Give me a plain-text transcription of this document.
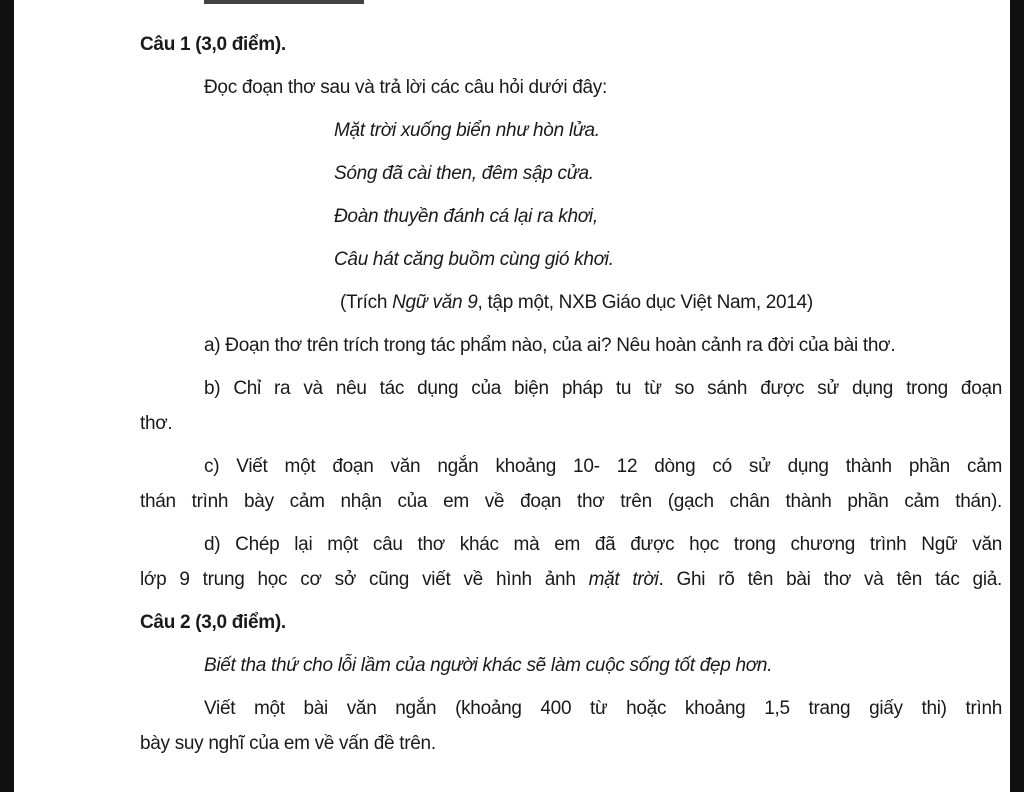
Câu 1 (3,0 điểm).
Đọc đoạn thơ sau và trả lời các câu hỏi dưới đây:
Mặt trời xuống biển như hòn lửa.
Sóng đã cài then, đêm sập cửa.
Đoàn thuyền đánh cá lại ra khơi,
Câu hát căng buồm cùng gió khơi.
(Trích Ngữ văn 9, tập một, NXB Giáo dục Việt Nam, 2014)
a) Đoạn thơ trên trích trong tác phẩm nào, của ai? Nêu hoàn cảnh ra đời của bài thơ.
b) Chỉ ra và nêu tác dụng của biện pháp tu từ so sánh được sử dụng trong đoạn
thơ.
c) Viết một đoạn văn ngắn khoảng 10- 12 dòng có sử dụng thành phần cảm
thán trình bày cảm nhận của em về đoạn thơ trên (gạch chân thành phần cảm thán).
d) Chép lại một câu thơ khác mà em đã được học trong chương trình Ngữ văn
lớp 9 trung học cơ sở cũng viết về hình ảnh mặt trời. Ghi rõ tên bài thơ và tên tác giả.
Câu 2 (3,0 điểm).
Biết tha thứ cho lỗi lầm của người khác sẽ làm cuộc sống tốt đẹp hơn.
Viết một bài văn ngắn (khoảng 400 từ hoặc khoảng 1,5 trang giấy thi) trình
bày suy nghĩ của em về vấn đề trên.
